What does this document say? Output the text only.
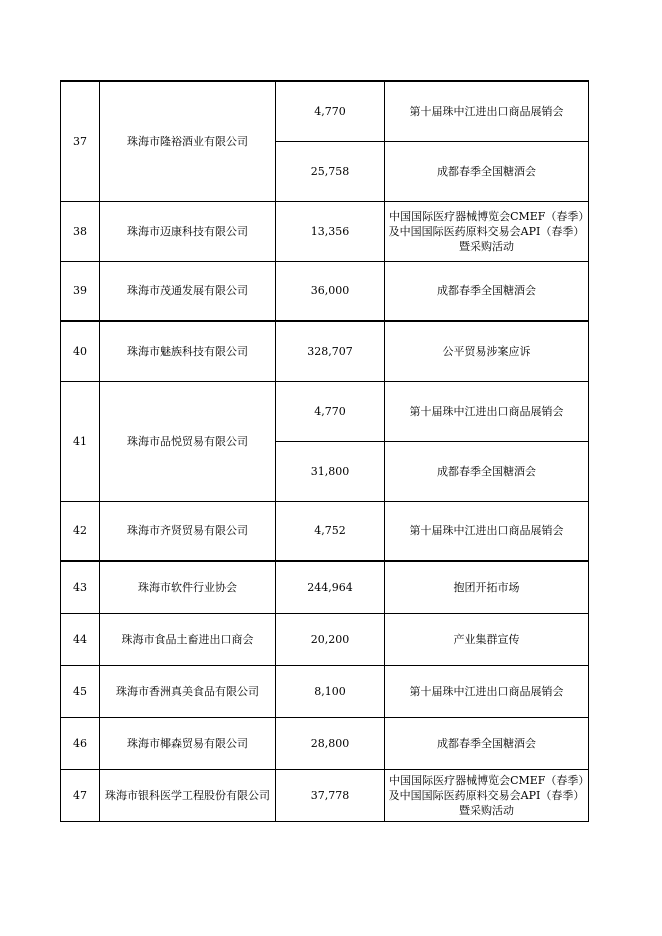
37	珠海市隆裕酒业有限公司	4,770	第十届珠中江进出口商品展销会
		25,758	成都春季全国糖酒会
38	珠海市迈康科技有限公司	13,356	中国国际医疗器械博览会CMEF（春季）及中国国际医药原料交易会API（春季）暨采购活动
39	珠海市茂通发展有限公司	36,000	成都春季全国糖酒会
40	珠海市魅族科技有限公司	328,707	公平贸易涉案应诉
41	珠海市品悦贸易有限公司	4,770	第十届珠中江进出口商品展销会
		31,800	成都春季全国糖酒会
42	珠海市齐贤贸易有限公司	4,752	第十届珠中江进出口商品展销会
43	珠海市软件行业协会	244,964	抱团开拓市场
44	珠海市食品土畜进出口商会	20,200	产业集群宣传
45	珠海市香洲真美食品有限公司	8,100	第十届珠中江进出口商品展销会
46	珠海市椰森贸易有限公司	28,800	成都春季全国糖酒会
47	珠海市银科医学工程股份有限公司	37,778	中国国际医疗器械博览会CMEF（春季）及中国国际医药原料交易会API（春季）暨采购活动
